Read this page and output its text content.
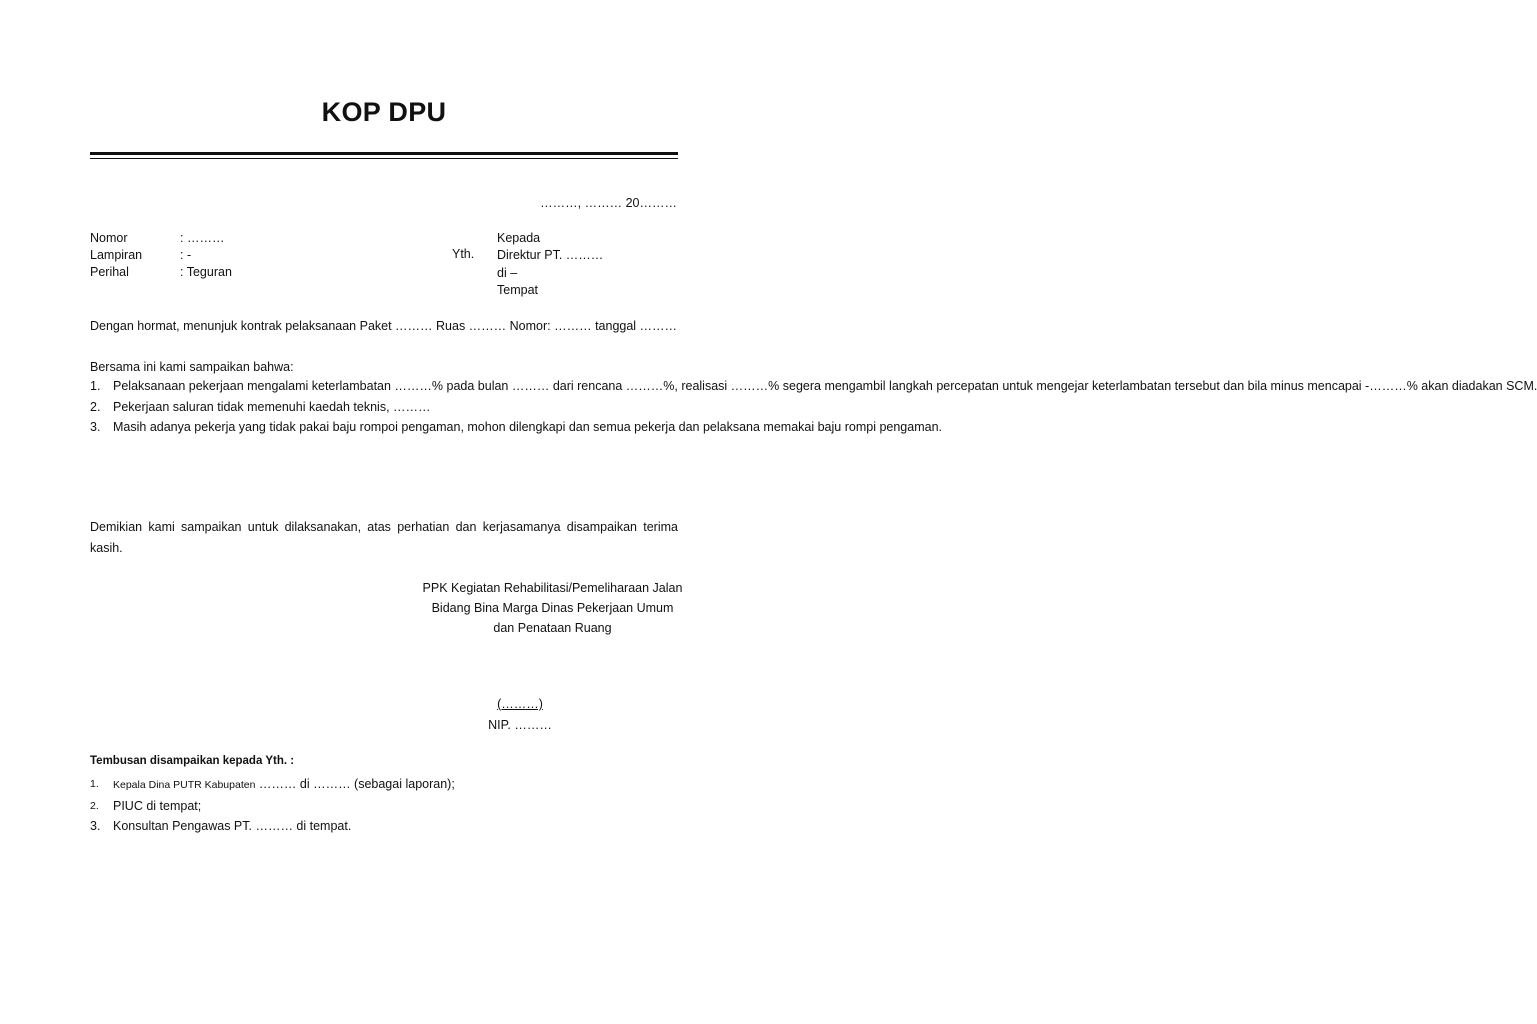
KOP DPU
………, ……… 20………
Nomor	: ………
Lampiran	: -
Perihal	: Teguran
Yth.
Kepada
Direktur PT. ………
di –
Tempat
Dengan hormat, menunjuk kontrak pelaksanaan Paket ……… Ruas ……… Nomor: ……… tanggal ………
Bersama ini kami sampaikan bahwa:
1. Pelaksanaan pekerjaan mengalami keterlambatan ………% pada bulan ……… dari rencana ………%, realisasi ………% segera mengambil langkah percepatan untuk mengejar keterlambatan tersebut dan bila minus mencapai -………% akan diadakan SCM.
2. Pekerjaan saluran tidak memenuhi kaedah teknis, ………
3. Masih adanya pekerja yang tidak pakai baju rompoi pengaman, mohon dilengkapi dan semua pekerja dan pelaksana memakai baju rompi pengaman.
Demikian kami sampaikan untuk dilaksanakan, atas perhatian dan kerjasamanya disampaikan terima kasih.
PPK Kegiatan Rehabilitasi/Pemeliharaan Jalan
Bidang Bina Marga Dinas Pekerjaan Umum
dan Penataan Ruang
(………)
NIP. ………
Tembusan disampaikan kepada Yth. :
1. Kepala Dina PUTR Kabupaten ……… di ……… (sebagai laporan);
2. PIUC di tempat;
3. Konsultan Pengawas PT. ……… di tempat.
